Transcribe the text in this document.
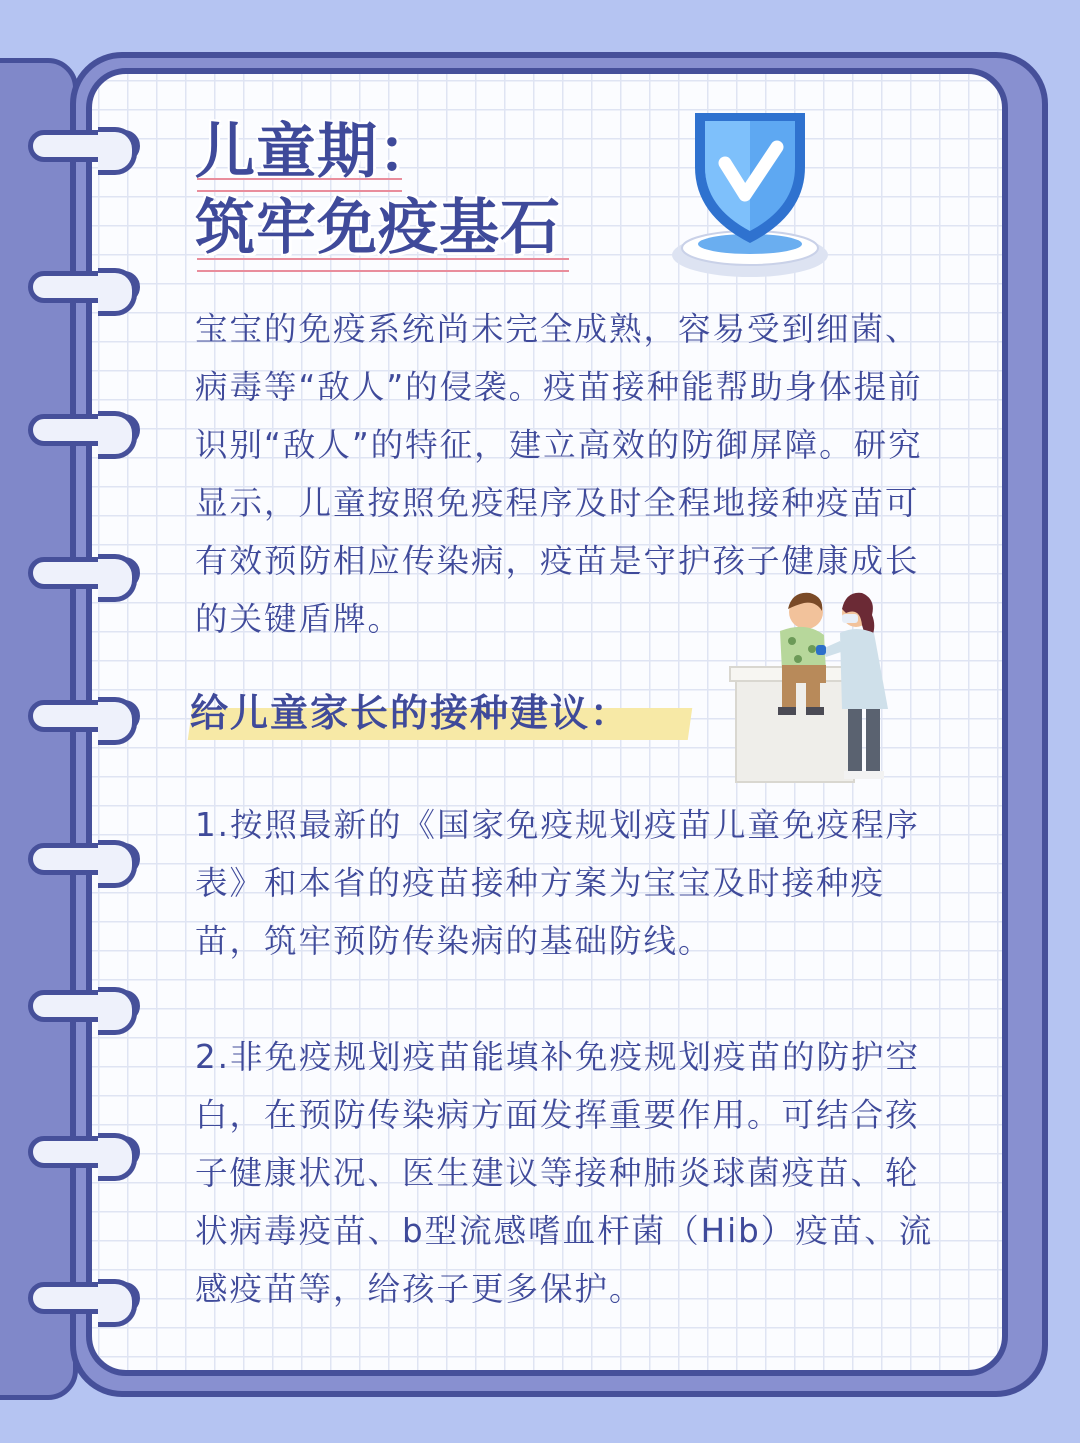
儿童期：
筑牢免疫基石

宝宝的免疫系统尚未完全成熟，容易受到细菌、病毒等“敌人”的侵袭。疫苗接种能帮助身体提前识别“敌人”的特征，建立高效的防御屏障。研究显示，儿童按照免疫程序及时全程地接种疫苗可有效预防相应传染病，疫苗是守护孩子健康成长的关键盾牌。

给儿童家长的接种建议：

1.按照最新的《国家免疫规划疫苗儿童免疫程序表》和本省的疫苗接种方案为宝宝及时接种疫苗，筑牢预防传染病的基础防线。

2.非免疫规划疫苗能填补免疫规划疫苗的防护空白，在预防传染病方面发挥重要作用。可结合孩子健康状况、医生建议等接种肺炎球菌疫苗、轮状病毒疫苗、b型流感嗜血杆菌（Hib）疫苗、流感疫苗等，给孩子更多保护。
